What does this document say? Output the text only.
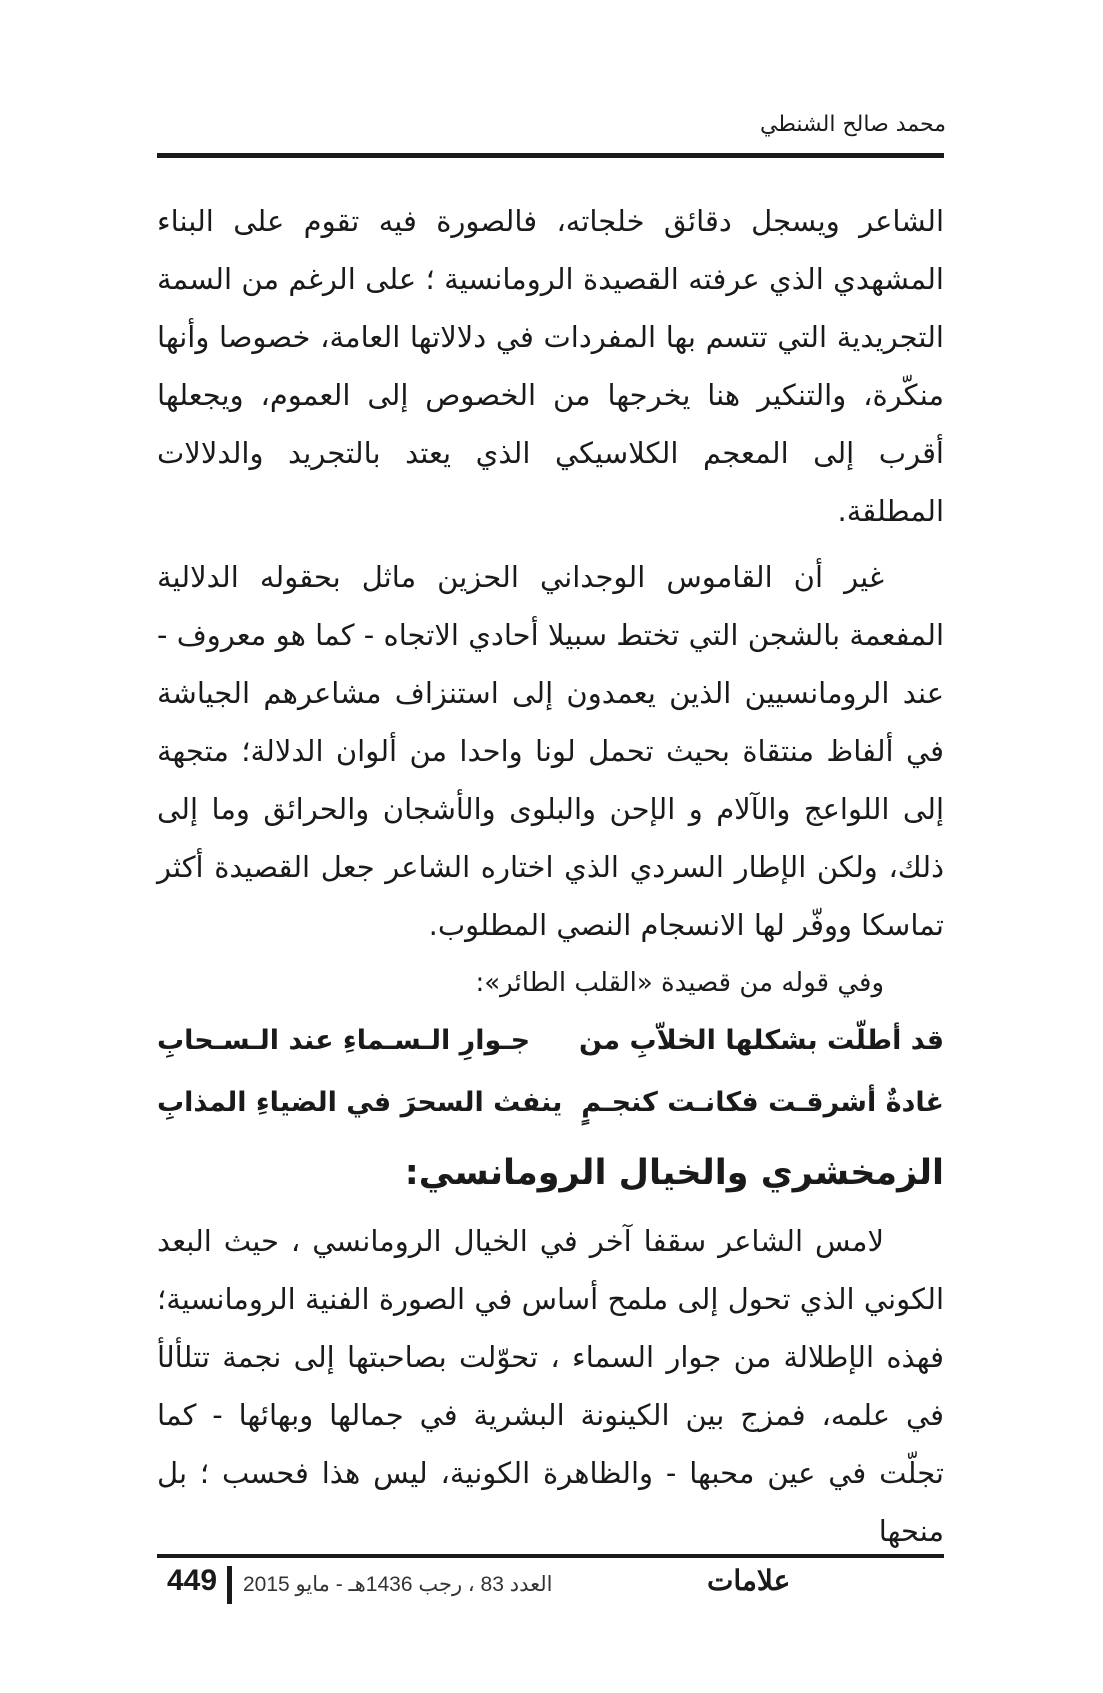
محمد صالح الشنطي

الشاعر ويسجل دقائق خلجاته، فالصورة فيه تقوم على البناء المشهدي الذي عرفته القصيدة الرومانسية ؛ على الرغم من السمة التجريدية التي تتسم بها المفردات في دلالاتها العامة، خصوصا وأنها منكّرة، والتنكير هنا يخرجها من الخصوص إلى العموم، ويجعلها أقرب إلى المعجم الكلاسيكي الذي يعتد بالتجريد والدلالات المطلقة.

غير أن القاموس الوجداني الحزين ماثل بحقوله الدلالية المفعمة بالشجن التي تختط سبيلا أحادي الاتجاه - كما هو معروف - عند الرومانسيين الذين يعمدون إلى استنزاف مشاعرهم الجياشة في ألفاظ منتقاة بحيث تحمل لونا واحدا من ألوان الدلالة؛ متجهة إلى اللواعج والآلام و الإحن والبلوى والأشجان والحرائق وما إلى ذلك، ولكن الإطار السردي الذي اختاره الشاعر جعل القصيدة أكثر تماسكا ووفّر لها الانسجام النصي المطلوب.

وفي قوله من قصيدة «القلب الطائر»:

قد أطلّت بشكلها الخلاّبِ من
جـوارِ الـسـماءِ عند الـسـحابِ
غادةٌ أشرقـت فكانـت كنجـمٍ
ينفث السحرَ في الضياءِ المذابِ
الزمخشري والخيال الرومانسي:

لامس الشاعر سقفا آخر في الخيال الرومانسي ، حيث البعد الكوني الذي تحول إلى ملمح أساس في الصورة الفنية الرومانسية؛ فهذه الإطلالة من جوار السماء ، تحوّلت بصاحبتها إلى نجمة تتلألأ في علمه، فمزج بين الكينونة البشرية في جمالها وبهائها - كما تجلّت في عين محبها - والظاهرة الكونية، ليس هذا فحسب ؛ بل منحها

449 العدد 83 ، رجب 1436هـ - مايو 2015	علامات
